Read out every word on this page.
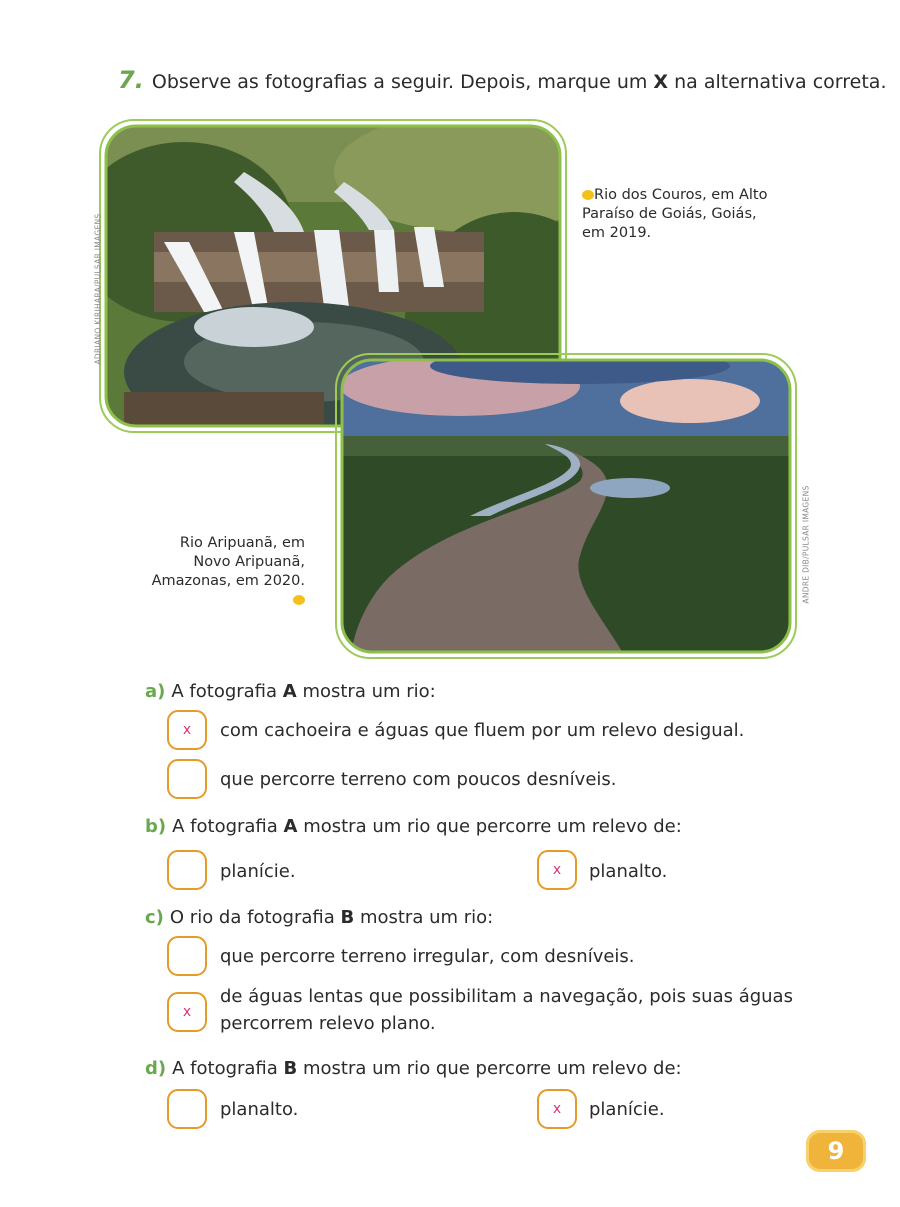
7. Observe as fotografias a seguir. Depois, marque um X na alternativa correta.
Rio dos Couros, em Alto Paraíso de Goiás, Goiás, em 2019.
ADRIANO KIRIHARA/PULSAR IMAGENS
Rio Aripuanã, em Novo Aripuanã, Amazonas, em 2020.	ANDRE DIB/PULSAR IMAGENS
a) A fotografia A mostra um rio:
x com cachoeira e águas que fluem por um relevo desigual.
que percorre terreno com poucos desníveis.
b) A fotografia A mostra um rio que percorre um relevo de:
planície.	x planalto.
c) O rio da fotografia B mostra um rio:
que percorre terreno irregular, com desníveis.
x
de águas lentas que possibilitam a navegação, pois suas águas
percorrem relevo plano.
d) A fotografia B mostra um rio que percorre um relevo de:
planalto.	x planície.
9
